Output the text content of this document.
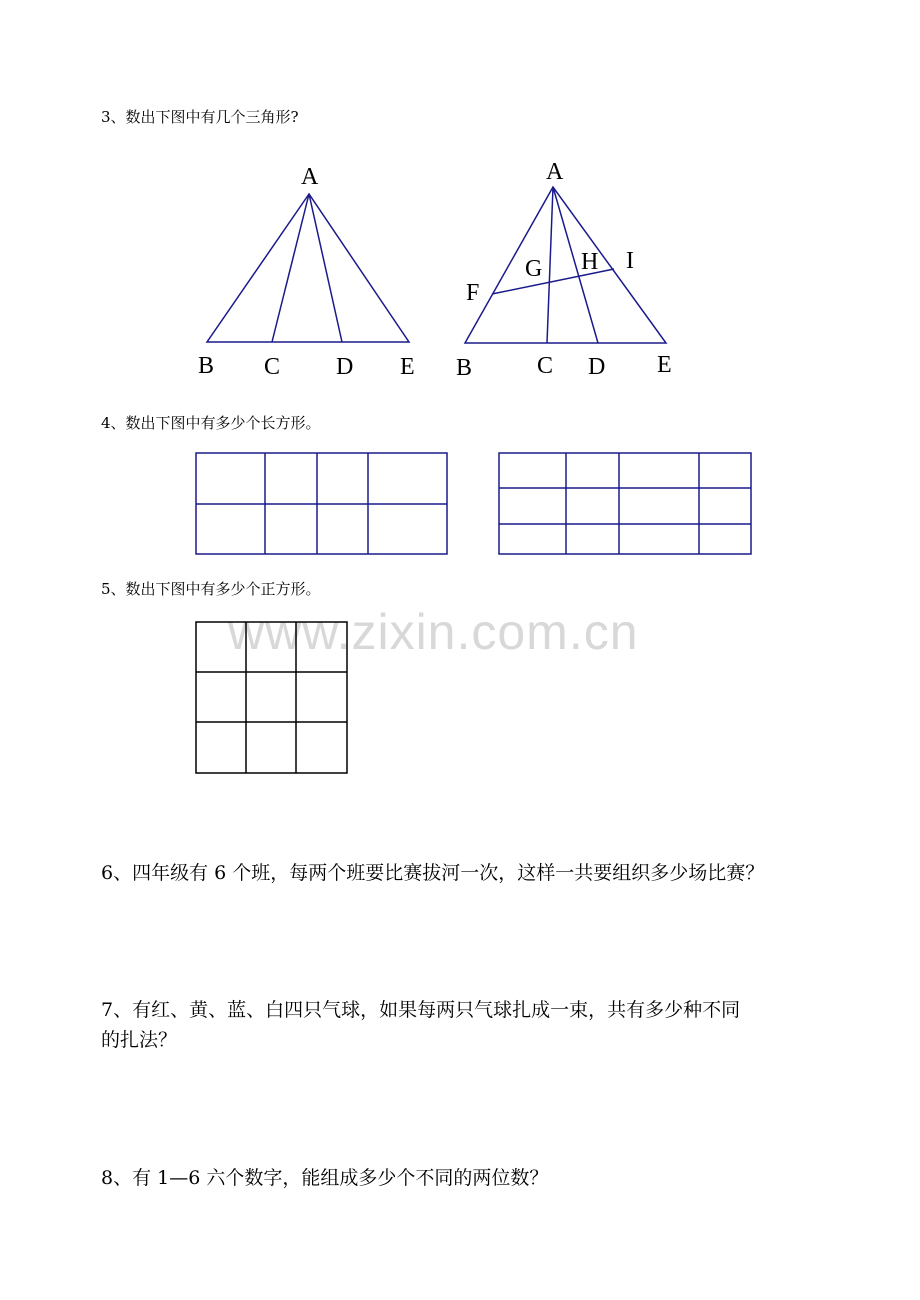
3、数出下图中有几个三角形?
4、数出下图中有多少个长方形。
5、数出下图中有多少个正方形。
6、四年级有 6 个班，每两个班要比赛拔河一次，这样一共要组织多少场比赛？
7、有红、黄、蓝、白四只气球，如果每两只气球扎成一束，共有多少种不同
的扎法？
8、有 1—6 六个数字，能组成多少个不同的两位数？
www.zixin.com.cn
A
B C D E
A
B	C D E
F
G H I
